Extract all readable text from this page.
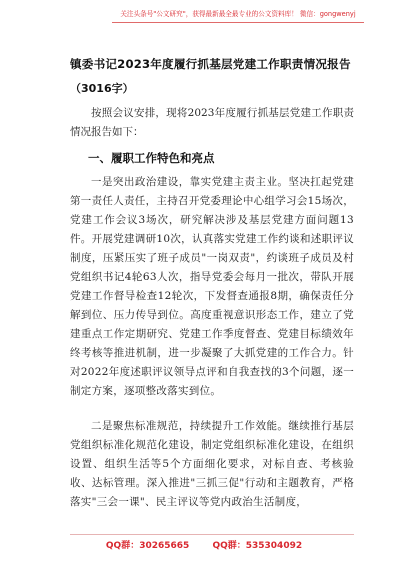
关注头条号"公文研究"，获得最新最全最专业的公文资料库！ 微信：gongwenyj
镇委书记2023年度履行抓基层党建工作职责情况报告
（3016字）
按照会议安排，现将2023年度履行抓基层党建工作职责情况报告如下：
一、履职工作特色和亮点
一是突出政治建设，靠实党建主责主业。坚决扛起党建第一责任人责任，主持召开党委理论中心组学习会15场次，党建工作会议3场次，研究解决涉及基层党建方面问题13件。开展党建调研10次，认真落实党建工作约谈和述职评议制度，压紧压实了班子成员"一岗双责"，约谈班子成员及村党组织书记4轮63人次，指导党委会每月一批次，带队开展党建工作督导检查12轮次，下发督查通报8期，确保责任分解到位、压力传导到位。高度重视意识形态工作，建立了党建重点工作定期研究、党建工作季度督查、党建目标绩效年终考核等推进机制，进一步凝聚了大抓党建的工作合力。针对2022年度述职评议领导点评和自我查找的3个问题，逐一制定方案，逐项整改落实到位。
二是聚焦标准规范，持续提升工作效能。继续推行基层党组织标准化规范化建设，制定党组织标准化建设，在组织设置、组织生活等5个方面细化要求，对标自查、考核验收、达标管理。深入推进"三抓三促"行动和主题教育，严格落实"三会一课"、民主评议等党内政治生活制度，
QQ群：30265665	QQ群：535304092
